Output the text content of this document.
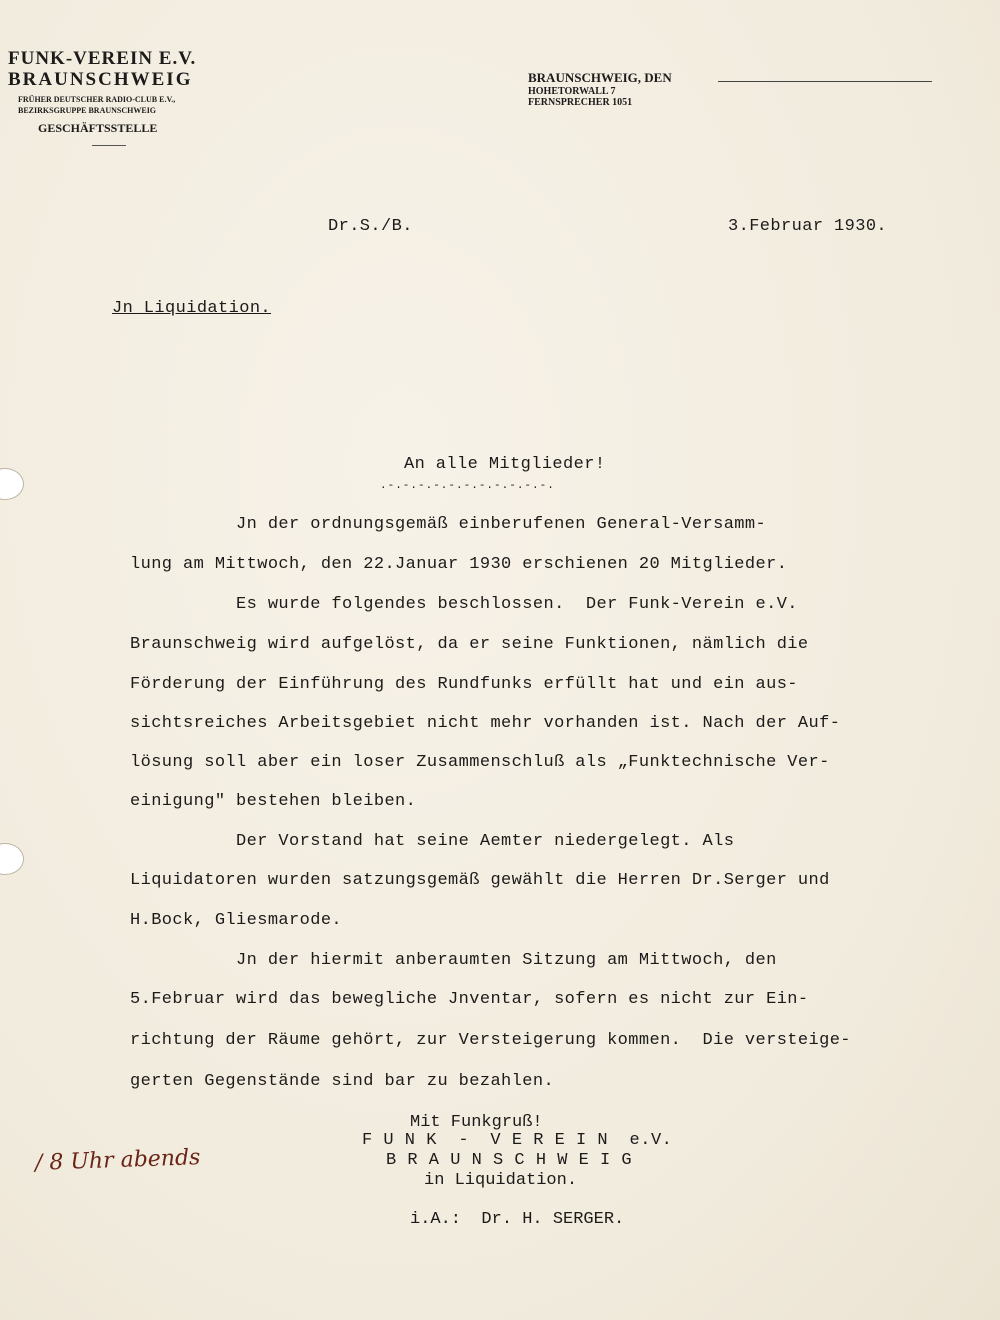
FUNK-VEREIN E.V.
BRAUNSCHWEIG
FRÜHER DEUTSCHER RADIO-CLUB E.V.,
BEZIRKSGRUPPE BRAUNSCHWEIG
GESCHÄFTSSTELLE
BRAUNSCHWEIG, DEN
HOHETORWALL 7
FERNSPRECHER 1051
Dr.S./B.	3.Februar 1930.
Jn Liquidation.
An alle Mitglieder!
.-.-.-.-.-.-.-.-.-.-.-.
Jn der ordnungsgemäß einberufenen General-Versamm-
lung am Mittwoch, den 22.Januar 1930 erschienen 20 Mitglieder.
Es wurde folgendes beschlossen.  Der Funk-Verein e.V.
Braunschweig wird aufgelöst, da er seine Funktionen, nämlich die
Förderung der Einführung des Rundfunks erfüllt hat und ein aus-
sichtsreiches Arbeitsgebiet nicht mehr vorhanden ist. Nach der Auf-
lösung soll aber ein loser Zusammenschluß als „Funktechnische Ver-
einigung" bestehen bleiben.
Der Vorstand hat seine Aemter niedergelegt. Als
Liquidatoren wurden satzungsgemäß gewählt die Herren Dr.Serger und
H.Bock, Gliesmarode.
Jn der hiermit anberaumten Sitzung am Mittwoch, den
5.Februar wird das bewegliche Jnventar, sofern es nicht zur Ein-
richtung der Räume gehört, zur Versteigerung kommen.  Die versteige-
gerten Gegenstände sind bar zu bezahlen.
Mit Funkgruß!
F U N K  -  V E R E I N  e.V.
B R A U N S C H W E I G
in Liquidation.
i.A.:  Dr. H. SERGER.
/ 8 Uhr abends
